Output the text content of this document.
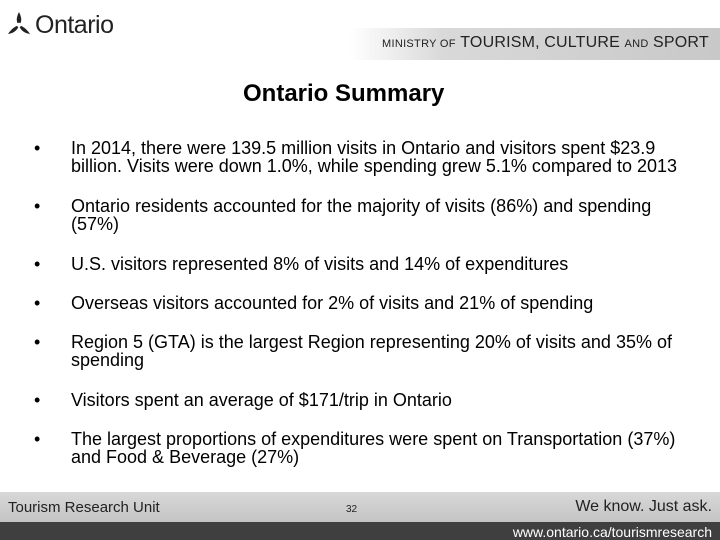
Ontario
MINISTRY OF TOURISM, CULTURE AND SPORT
Ontario Summary
• In 2014, there were 139.5 million visits in Ontario and visitors spent $23.9 billion. Visits were down 1.0%, while spending grew 5.1% compared to 2013
• Ontario residents accounted for the majority of visits (86%) and spending (57%)
• U.S. visitors represented 8% of visits and 14% of expenditures
• Overseas visitors accounted for 2% of visits and 21% of spending
• Region 5 (GTA) is the largest Region representing 20% of visits and 35% of spending
• Visitors spent an average of $171/trip in Ontario
• The largest proportions of expenditures were spent on Transportation (37%) and Food & Beverage (27%)
Tourism Research Unit	32	We know. Just ask.
www.ontario.ca/tourismresearch
